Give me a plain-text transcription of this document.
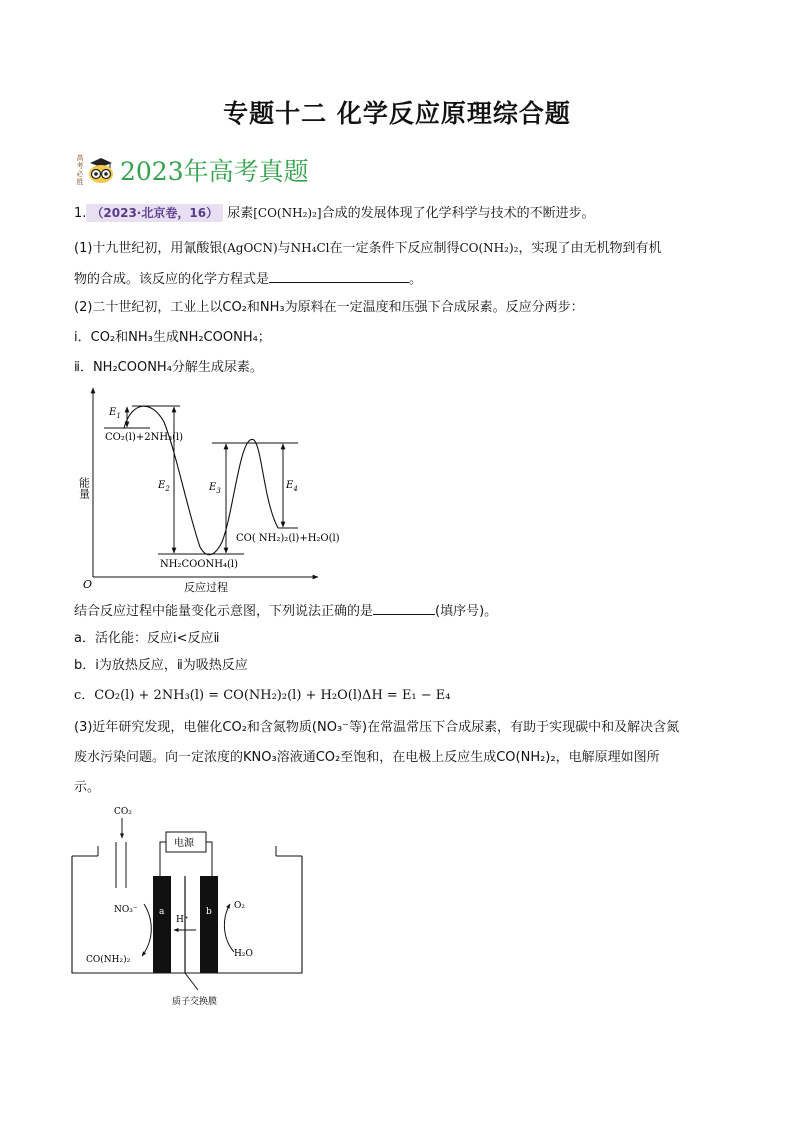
专题十二 化学反应原理综合题
高考必胜 2023年高考真题
1. （2023·北京卷，16） 尿素[CO(NH₂)₂]合成的发展体现了化学科学与技术的不断进步。
(1)十九世纪初，用氰酸银(AgOCN)与NH₄Cl在一定条件下反应制得CO(NH₂)₂，实现了由无机物到有机
物的合成。该反应的化学方程式是	。
(2)二十世纪初，工业上以CO₂和NH₃为原料在一定温度和压强下合成尿素。反应分两步：
ⅰ．CO₂和NH₃生成NH₂COONH₄；
ⅱ．NH₂COONH₄分解生成尿素。
O
能量
反应过程
$E_1$
$E_2$	$E_3$	$E_4$
CO₂(l)+2NH₃(l)
NH₂COONH₄(l)
CO( NH₂)₂(l)+H₂O(l)
结合反应过程中能量变化示意图，下列说法正确的是	(填序号)。
a．活化能：反应ⅰ<反应ⅱ
b．ⅰ为放热反应，ⅱ为吸热反应
c．CO₂(l) + 2NH₃(l) = CO(NH₂)₂(l) + H₂O(l)ΔH = E₁ − E₄
(3)近年研究发现，电催化CO₂和含氮物质(NO₃⁻等)在常温常压下合成尿素，有助于实现碳中和及解决含氮
废水污染问题。向一定浓度的KNO₃溶液通CO₂至饱和，在电极上反应生成CO(NH₂)₂，电解原理如图所
示。
CO₂
电源
a	b
H⁺
NO₃⁻
CO(NH₂)₂
O₂
H₂O
质子交换膜
